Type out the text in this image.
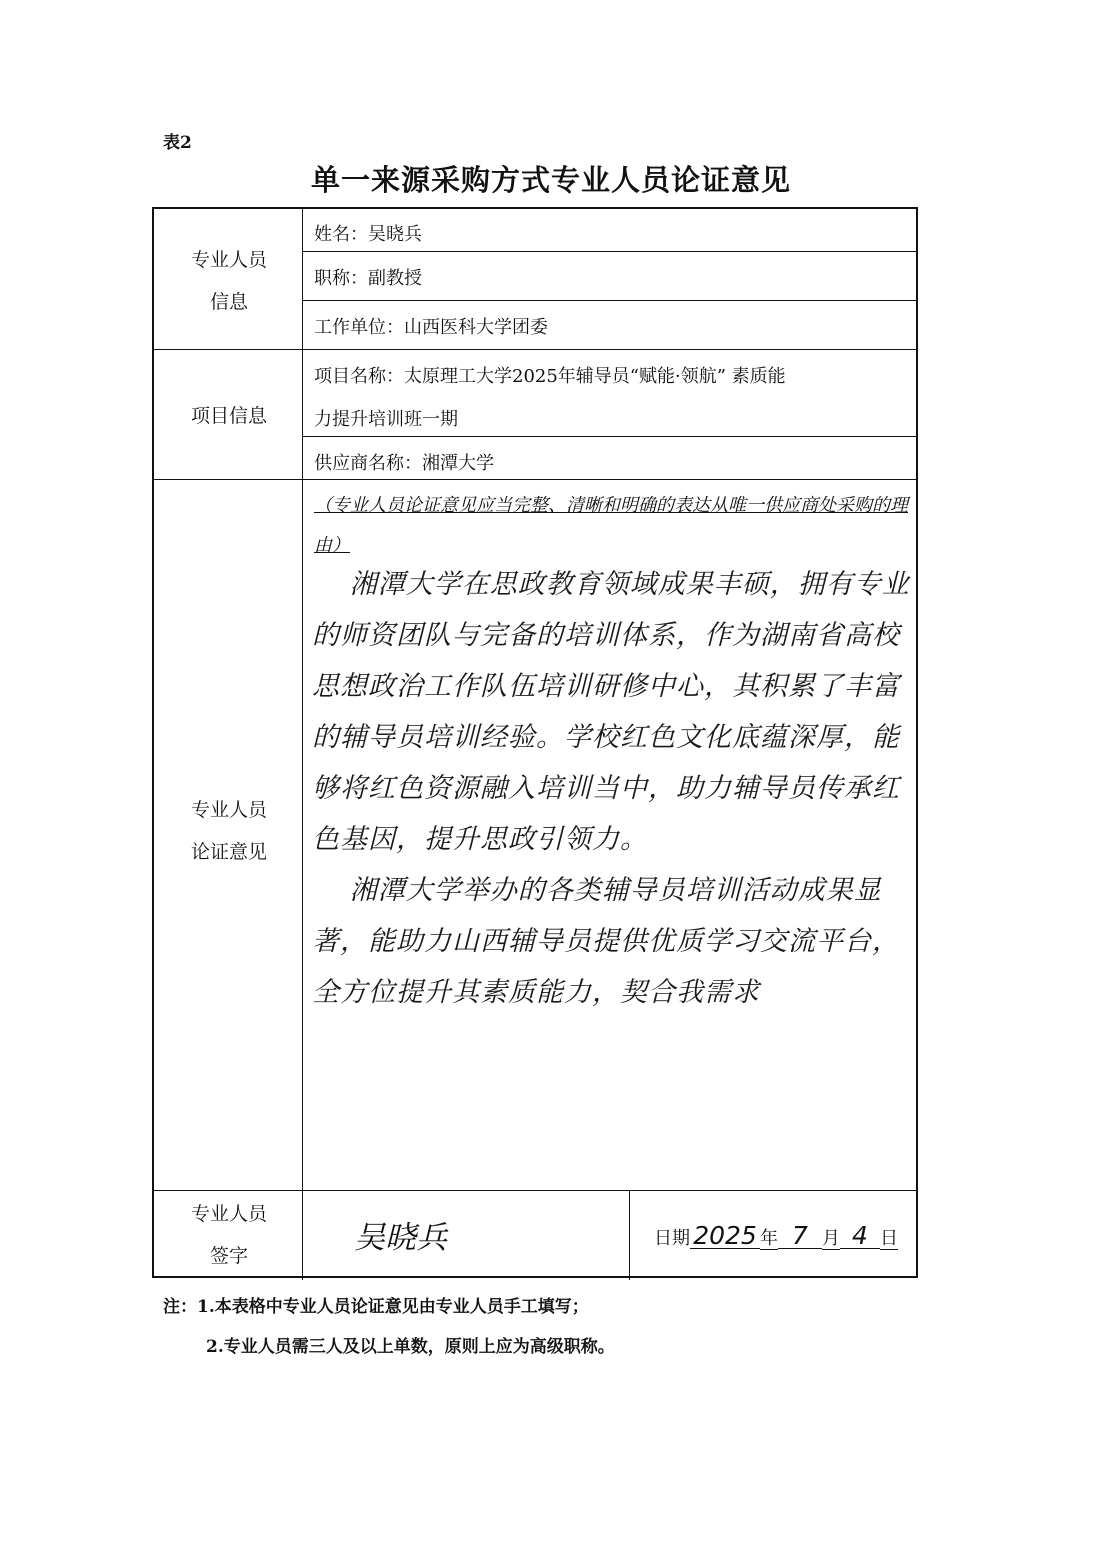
表2
单一来源采购方式专业人员论证意见
专业人员
信息
姓名：吴晓兵
职称：副教授
工作单位：山西医科大学团委
项目信息
项目名称：太原理工大学2025年辅导员“赋能·领航” 素质能
力提升培训班一期
供应商名称：湘潭大学
专业人员
论证意见
（专业人员论证意见应当完整、清晰和明确的表达从唯一供应商处采购的理由）

湘潭大学在思政教育领域成果丰硕，拥有专业的师资团队与完备的培训体系，作为湖南省高校思想政治工作队伍培训研修中心，其积累了丰富的辅导员培训经验。学校红色文化底蕴深厚，能够将红色资源融入培训当中，助力辅导员传承红色基因，提升思政引领力。

湘潭大学举办的各类辅导员培训活动成果显著，能助力山西辅导员提供优质学习交流平台，全方位提升其素质能力，契合我需求

专业人员
签字	吴晓兵	日期 2025 年 7 月 4 日
注：1.本表格中专业人员论证意见由专业人员手工填写；
2.专业人员需三人及以上单数，原则上应为高级职称。
